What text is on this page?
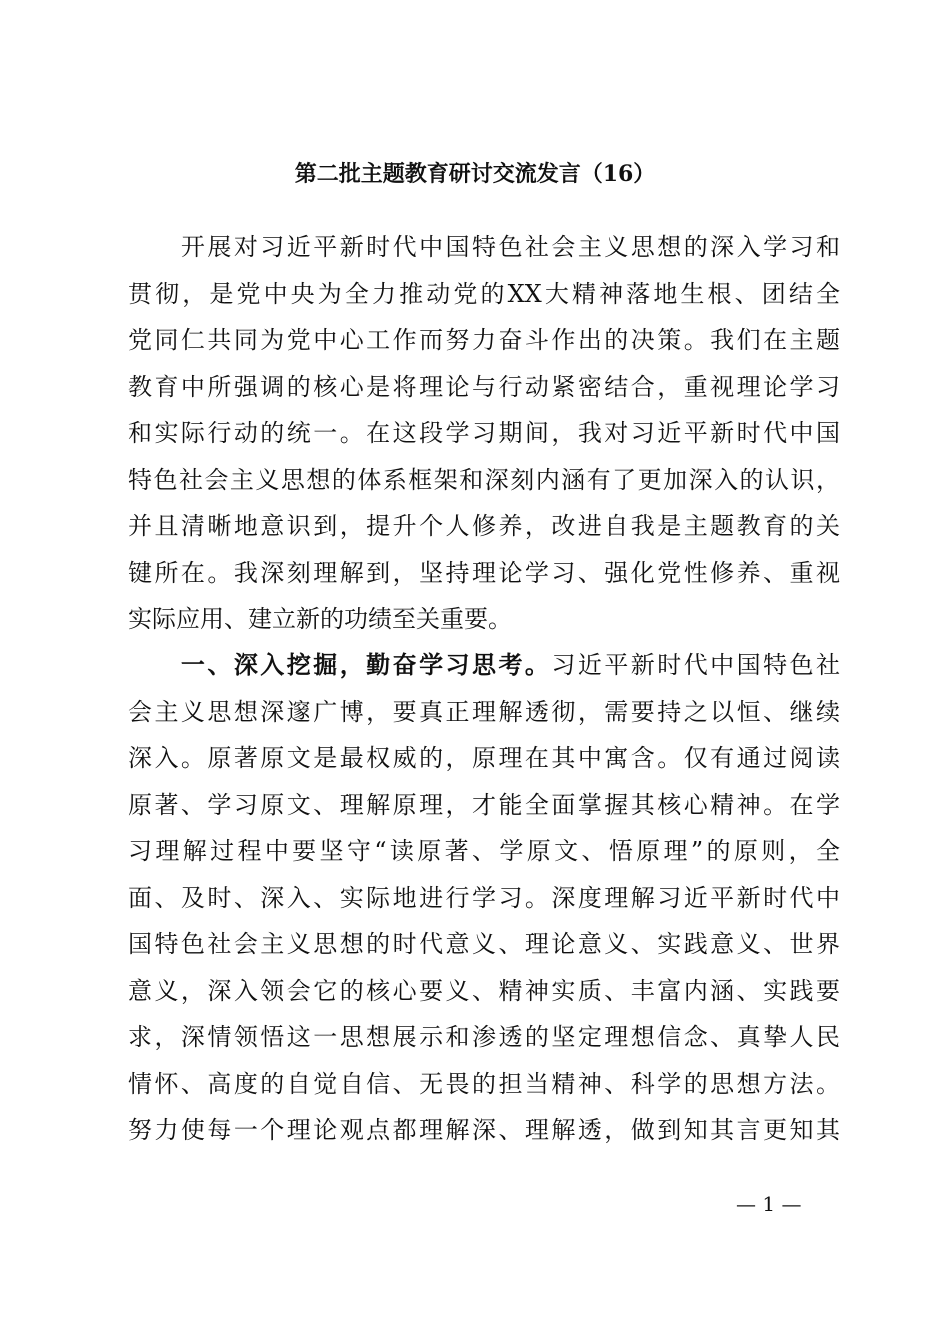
第二批主题教育研讨交流发言（16）
　　开展对习近平新时代中国特色社会主义思想的深入学习和
贯彻，是党中央为全力推动党的XX大精神落地生根、团结全
党同仁共同为党中心工作而努力奋斗作出的决策。我们在主题
教育中所强调的核心是将理论与行动紧密结合，重视理论学习
和实际行动的统一。在这段学习期间，我对习近平新时代中国
特色社会主义思想的体系框架和深刻内涵有了更加深入的认识，
并且清晰地意识到，提升个人修养，改进自我是主题教育的关
键所在。我深刻理解到，坚持理论学习、强化党性修养、重视
实际应用、建立新的功绩至关重要。
　　一、深入挖掘，勤奋学习思考。习近平新时代中国特色社
会主义思想深邃广博，要真正理解透彻，需要持之以恒、继续
深入。原著原文是最权威的，原理在其中寓含。仅有通过阅读
原著、学习原文、理解原理，才能全面掌握其核心精神。在学
习理解过程中要坚守“读原著、学原文、悟原理”的原则，全
面、及时、深入、实际地进行学习。深度理解习近平新时代中
国特色社会主义思想的时代意义、理论意义、实践意义、世界
意义，深入领会它的核心要义、精神实质、丰富内涵、实践要
求，深情领悟这一思想展示和渗透的坚定理想信念、真挚人民
情怀、高度的自觉自信、无畏的担当精神、科学的思想方法。
努力使每一个理论观点都理解深、理解透，做到知其言更知其
— 1 —
